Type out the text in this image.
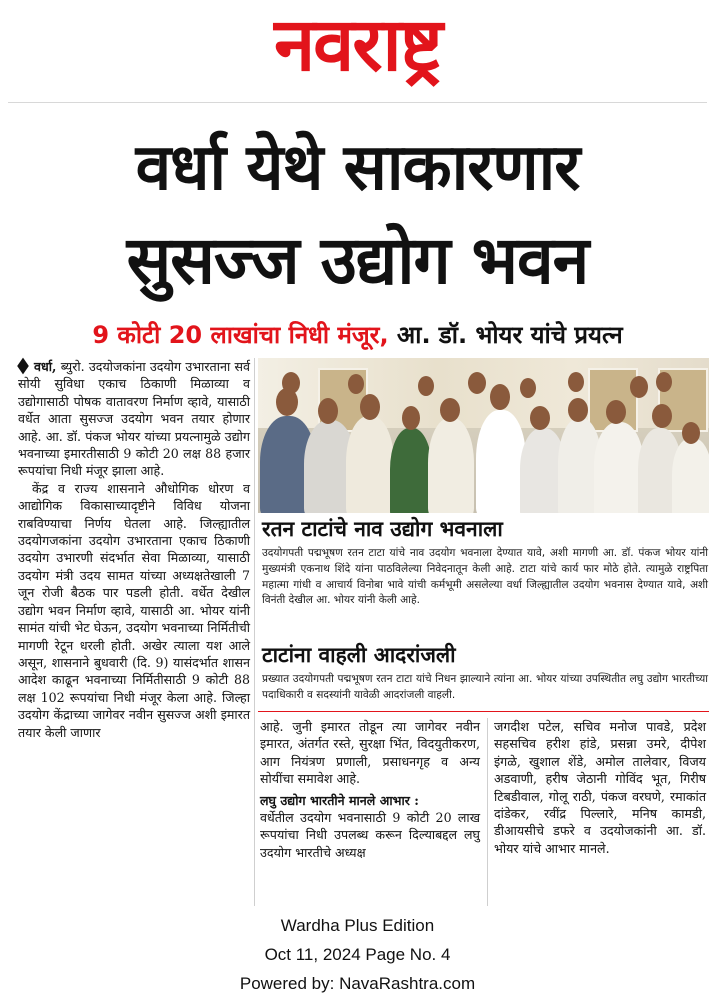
नवराष्ट्र
वर्धा येथे साकारणार
सुसज्ज उद्योग भवन
9 कोटी 20 लाखांचा निधी मंजूर, आ. डॉ. भोयर यांचे प्रयत्न

वर्धा, ब्युरो. उदयोजकांना उदयोग उभारताना सर्व सोयी सुविधा एकाच ठिकाणी मिळाव्या व उद्योगासाठी पोषक वातावरण निर्माण व्हावे, यासाठी वर्धेत आता सुसज्ज उदयोग भवन तयार होणार आहे. आ. डॉ. पंकज भोयर यांच्या प्रयत्नामुळे उद्योग भवनाच्या इमारतीसाठी 9 कोटी 20 लक्ष 88 हजार रूपयांचा निधी मंजूर झाला आहे.

केंद्र व राज्य शासनाने औधोगिक धोरण व आद्योगिक विकासाच्यादृष्टीने विविध योजना राबविण्याचा निर्णय घेतला आहे. जिल्ह्यातील उदयोगजकांना उदयोग उभारताना एकाच ठिकाणी उदयोग उभारणी संदर्भात सेवा मिळाव्या, यासाठी उदयोग मंत्री उदय सामत यांच्या अध्यक्षतेखाली 7 जून रोजी बैठक पार पडली होती. वर्धेत देखील उद्योग भवन निर्माण व्हावे, यासाठी आ. भोयर यांनी सामंत यांची भेट घेऊन, उदयोग भवनाच्या निर्मितीची मागणी रेटून धरली होती. अखेर त्याला यश आले असून, शासनाने बुधवारी (दि. 9) यासंदर्भात शासन आदेश काढून भवनाच्या निर्मितीसाठी 9 कोटी 88 लक्ष 102 रूपयांचा निधी मंजूर केला आहे. जिल्हा उदयोग केंद्राच्या जागेवर नवीन सुसज्ज अशी इमारत तयार केली जाणार

रतन टाटांचे नाव उद्योग भवनाला
उदयोगपती पद्मभूषण रतन टाटा यांचे नाव उदयोग भवनाला देण्यात यावे, अशी मागणी आ. डॉ. पंकज भोयर यांनी मुख्यमंत्री एकनाथ शिंदे यांना पाठविलेल्या निवेदनातून केली आहे. टाटा यांचे कार्य फार मोठे होते. त्यामुळे राष्ट्रपिता महात्मा गांधी व आचार्य विनोबा भावे यांची कर्मभूमी असलेल्या वर्धा जिल्ह्यातील उदयोग भवनास देण्यात यावे, अशी विनंती देखील आ. भोयर यांनी केली आहे.
टाटांना वाहली आदरांजली
प्रख्यात उदयोगपती पद्मभूषण रतन टाटा यांचे निधन झाल्याने त्यांना आ. भोयर यांच्या उपस्थितीत लघु उद्योग भारतीच्या पदाधिकारी व सदस्यांनी यावेळी आदरांजली वाहली.

आहे. जुनी इमारत तोडून त्या जागेवर नवीन इमारत, अंतर्गत रस्ते, सुरक्षा भिंत, विदयुतीकरण, आग नियंत्रण प्रणाली, प्रसाधनगृह व अन्य सोयींचा समावेश आहे.

लघु उद्योग भारतीने मानले आभार :

वर्धेतील उदयोग भवनासाठी 9 कोटी 20 लाख रूपयांचा निधी उपलब्ध करून दिल्याबद्दल लघु उदयोग भारतीचे अध्यक्ष

जगदीश पटेल, सचिव मनोज पावडे, प्रदेश सहसचिव हरीश हांडे, प्रसन्ना उमरे, दीपेश इंगळे, खुशाल शेंडे, अमोल तालेवार, विजय अडवाणी, हरीष जेठानी गोविंद भूत, गिरीष टिबडीवाल, गोलू राठी, पंकज वरघणे, रमाकांत दांडेकर, रवींद्र पिल्लारे, मनिष कामडी, डीआयसीचे डफरे व उदयोजकांनी आ. डॉ. भोयर यांचे आभार मानले.

Wardha Plus Edition
Oct 11, 2024 Page No. 4
Powered by: NavaRashtra.com
